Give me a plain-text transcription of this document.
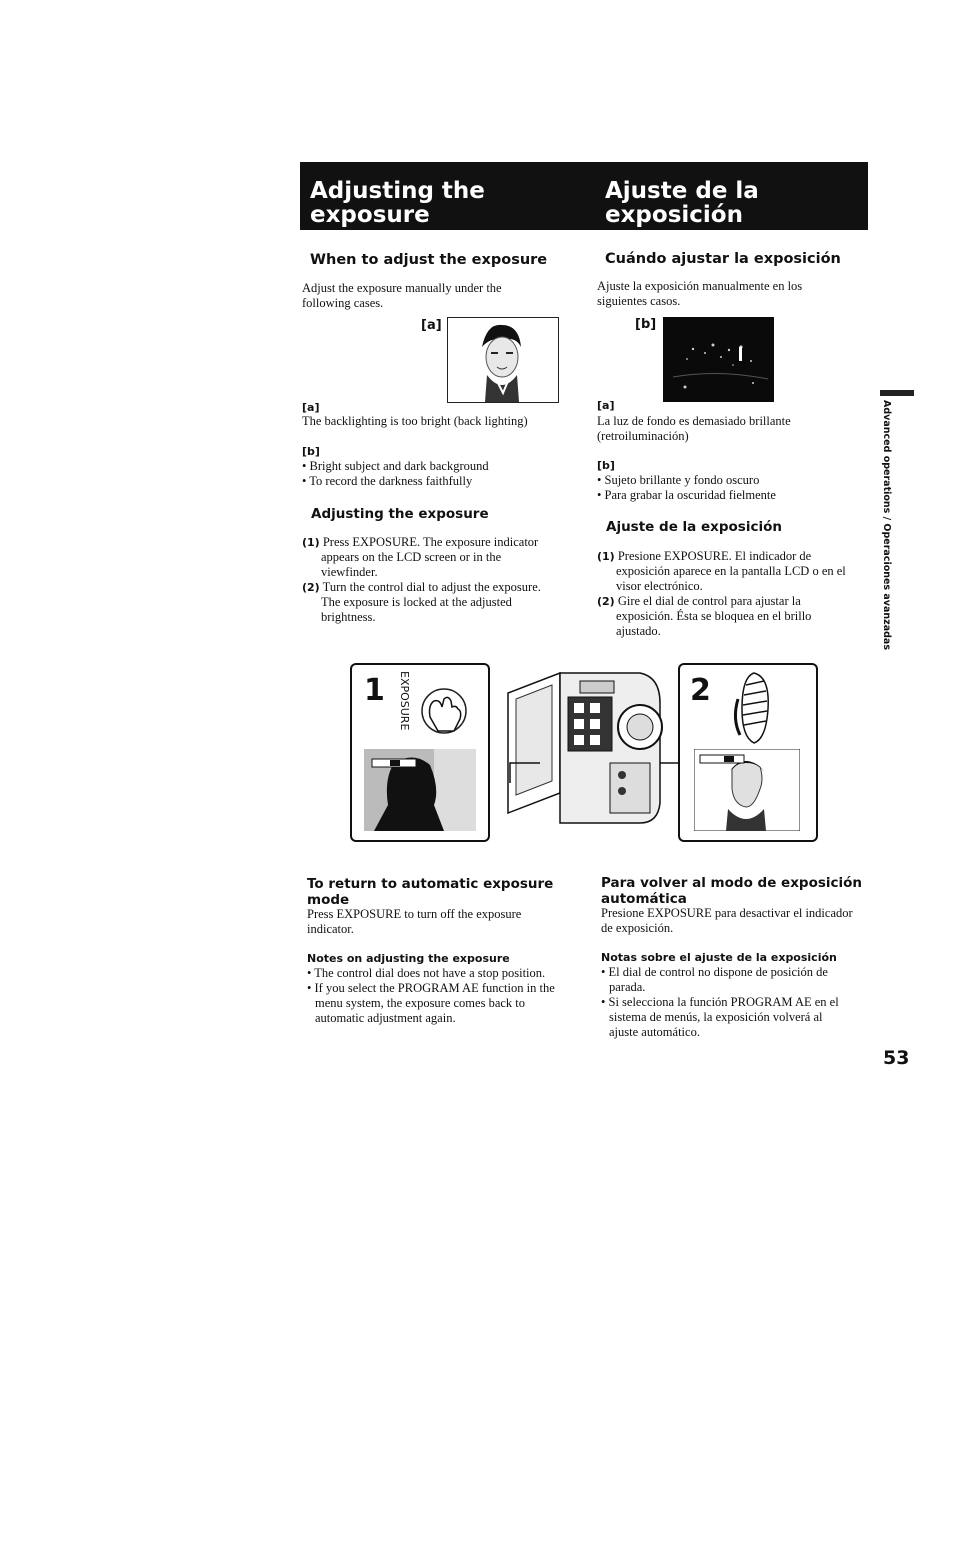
Adjusting the
exposure
Ajuste de la
exposición
When to adjust the exposure
Adjust the exposure manually under the
following cases.
[a]
[a]
The backlighting is too bright (back lighting)
[b]
• Bright subject and dark background
• To record the darkness faithfully
Adjusting the exposure
(1) Press EXPOSURE. The exposure indicator
appears on the LCD screen or in the
viewfinder.
(2) Turn the control dial to adjust the exposure.
The exposure is locked at the adjusted
brightness.
Cuándo ajustar la exposición
Ajuste la exposición manualmente en los
siguientes casos.
[b]
[a]
La luz de fondo es demasiado brillante
(retroiluminación)
[b]
• Sujeto brillante y fondo oscuro
• Para grabar la oscuridad fielmente
Ajuste de la exposición
(1) Presione EXPOSURE. El indicador de
exposición aparece en la pantalla LCD o en el
visor electrónico.
(2) Gire el dial de control para ajustar la
exposición. Ésta se bloquea en el brillo
ajustado.	Advanced operations / Operaciones avanzadas
1 EXPOSURE	2
To return to automatic exposure
mode
Press EXPOSURE to turn off the exposure
indicator.
Notes on adjusting the exposure
• The control dial does not have a stop position.
• If you select the PROGRAM AE function in the
menu system, the exposure comes back to
automatic adjustment again.
Para volver al modo de exposición
automática
Presione EXPOSURE para desactivar el indicador
de exposición.
Notas sobre el ajuste de la exposición
• El dial de control no dispone de posición de
parada.
• Si selecciona la función PROGRAM AE en el
sistema de menús, la exposición volverá al
ajuste automático.
53
